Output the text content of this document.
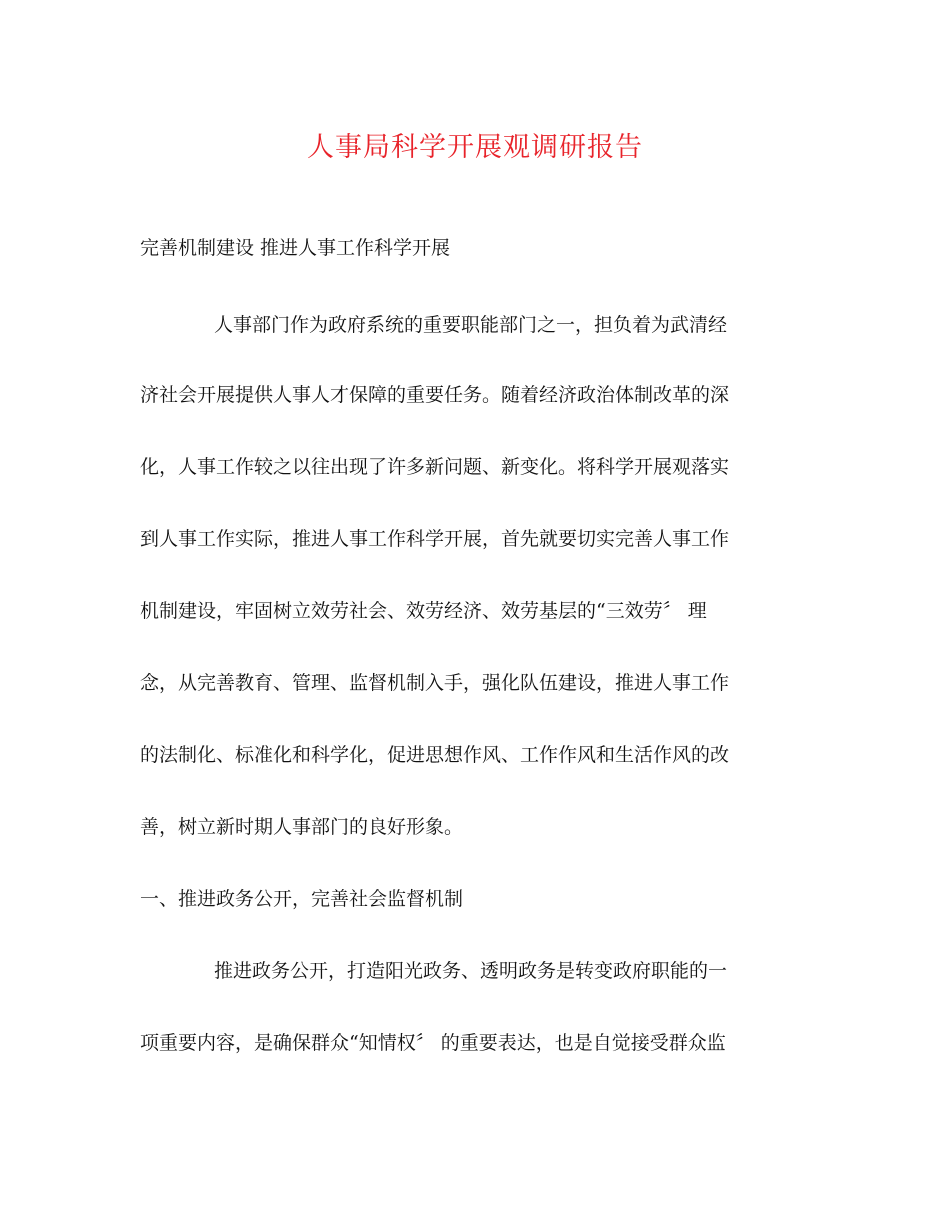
人事局科学开展观调研报告
完善机制建设 推进人事工作科学开展
人事部门作为政府系统的重要职能部门之一，担负着为武清经
济社会开展提供人事人才保障的重要任务。随着经济政治体制改革的深
化，人事工作较之以往出现了许多新问题、新变化。将科学开展观落实
到人事工作实际，推进人事工作科学开展，首先就要切实完善人事工作
机制建设，牢固树立效劳社会、效劳经济、效劳基层的“三效劳〞 理
念，从完善教育、管理、监督机制入手，强化队伍建设，推进人事工作
的法制化、标准化和科学化，促进思想作风、工作作风和生活作风的改
善，树立新时期人事部门的良好形象。
一、推进政务公开，完善社会监督机制
推进政务公开，打造阳光政务、透明政务是转变政府职能的一
项重要内容，是确保群众“知情权〞 的重要表达，也是自觉接受群众监
